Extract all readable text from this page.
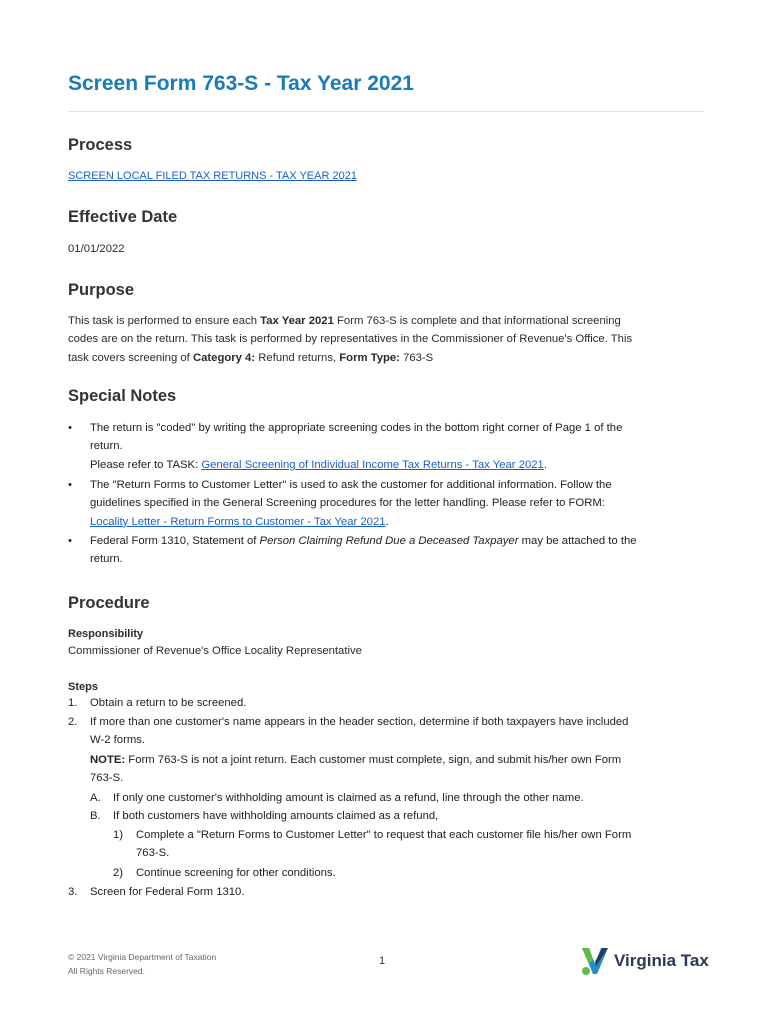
Screen Form 763-S - Tax Year 2021
Process
SCREEN LOCAL FILED TAX RETURNS - TAX YEAR 2021
Effective Date
01/01/2022
Purpose
This task is performed to ensure each Tax Year 2021 Form 763-S is complete and that informational screening
codes are on the return. This task is performed by representatives in the Commissioner of Revenue's Office. This
task covers screening of Category 4: Refund returns, Form Type: 763-S
Special Notes
• The return is "coded" by writing the appropriate screening codes in the bottom right corner of Page 1 of the
return.
Please refer to TASK: General Screening of Individual Income Tax Returns - Tax Year 2021.
• The "Return Forms to Customer Letter" is used to ask the customer for additional information. Follow the
guidelines specified in the General Screening procedures for the letter handling. Please refer to FORM:
Locality Letter - Return Forms to Customer - Tax Year 2021.
• Federal Form 1310, Statement of Person Claiming Refund Due a Deceased Taxpayer may be attached to the
return.
Procedure
Responsibility
Commissioner of Revenue's Office Locality Representative
Steps
1. Obtain a return to be screened.
2. If more than one customer's name appears in the header section, determine if both taxpayers have included
W-2 forms.
NOTE: Form 763-S is not a joint return. Each customer must complete, sign, and submit his/her own Form
763-S.
A. If only one customer's withholding amount is claimed as a refund, line through the other name.
B. If both customers have withholding amounts claimed as a refund,
1) Complete a "Return Forms to Customer Letter" to request that each customer file his/her own Form
763-S.
2) Continue screening for other conditions.
3. Screen for Federal Form 1310.
© 2021 Virginia Department of Taxation
All Rights Reserved.
1	Virginia Tax
